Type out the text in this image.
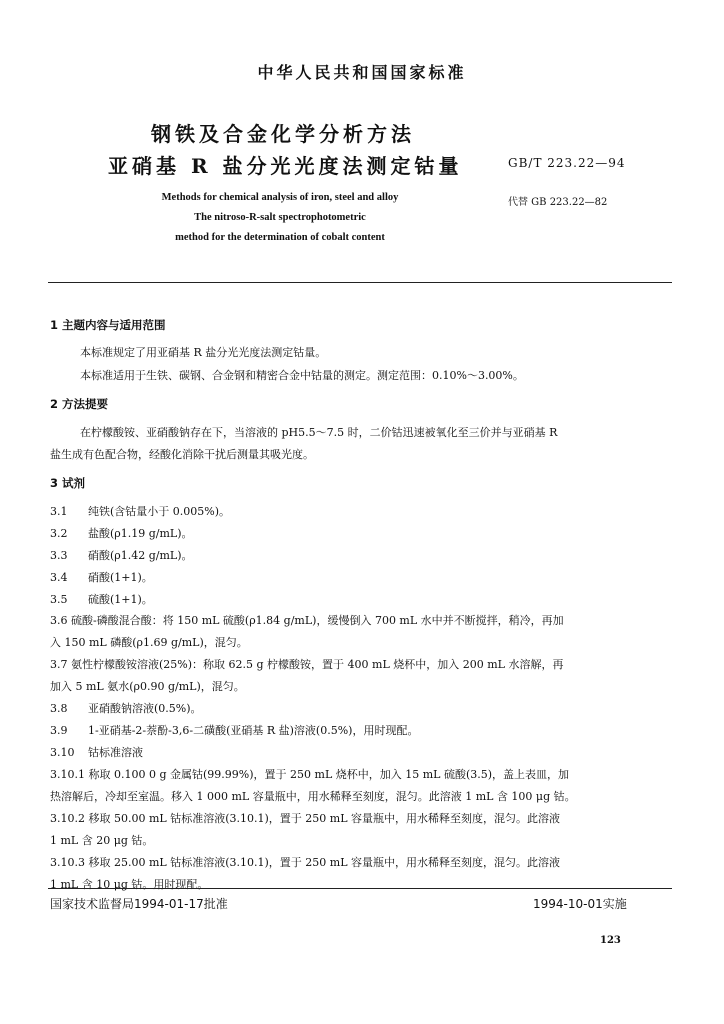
中华人民共和国国家标准
钢铁及合金化学分析方法
亚硝基 R 盐分光光度法测定钴量	GB/T 223.22—94
代替 GB 223.22—82
Methods for chemical analysis of iron, steel and alloy
The nitroso-R-salt spectrophotometric
method for the determination of cobalt content
1 主题内容与适用范围
本标准规定了用亚硝基 R 盐分光光度法测定钴量。
本标准适用于生铁、碳钢、合金钢和精密合金中钴量的测定。测定范围：0.10%～3.00%。
2 方法提要
在柠檬酸铵、亚硝酸钠存在下，当溶液的 pH5.5～7.5 时，二价钴迅速被氧化至三价并与亚硝基 R
盐生成有色配合物，经酸化消除干扰后测量其吸光度。
3 试剂
3.1 纯铁(含钴量小于 0.005%)。
3.2 盐酸(ρ1.19 g/mL)。
3.3 硝酸(ρ1.42 g/mL)。
3.4 硝酸(1+1)。
3.5 硫酸(1+1)。
3.6 硫酸-磷酸混合酸：将 150 mL 硫酸(ρ1.84 g/mL)，缓慢倒入 700 mL 水中并不断搅拌，稍冷，再加
入 150 mL 磷酸(ρ1.69 g/mL)，混匀。
3.7 氨性柠檬酸铵溶液(25%)：称取 62.5 g 柠檬酸铵，置于 400 mL 烧杯中，加入 200 mL 水溶解，再
加入 5 mL 氨水(ρ0.90 g/mL)，混匀。
3.8 亚硝酸钠溶液(0.5%)。
3.9 1-亚硝基-2-萘酚-3,6-二磺酸(亚硝基 R 盐)溶液(0.5%)，用时现配。
3.10 钴标准溶液
3.10.1 称取 0.100 0 g 金属钴(99.99%)，置于 250 mL 烧杯中，加入 15 mL 硫酸(3.5)，盖上表皿，加
热溶解后，冷却至室温。移入 1 000 mL 容量瓶中，用水稀释至刻度，混匀。此溶液 1 mL 含 100 μg 钴。
3.10.2 移取 50.00 mL 钴标准溶液(3.10.1)，置于 250 mL 容量瓶中，用水稀释至刻度，混匀。此溶液
1 mL 含 20 μg 钴。
3.10.3 移取 25.00 mL 钴标准溶液(3.10.1)，置于 250 mL 容量瓶中，用水稀释至刻度，混匀。此溶液
1 mL 含 10 μg 钴。用时现配。
国家技术监督局1994-01-17批准	1994-10-01实施
123
